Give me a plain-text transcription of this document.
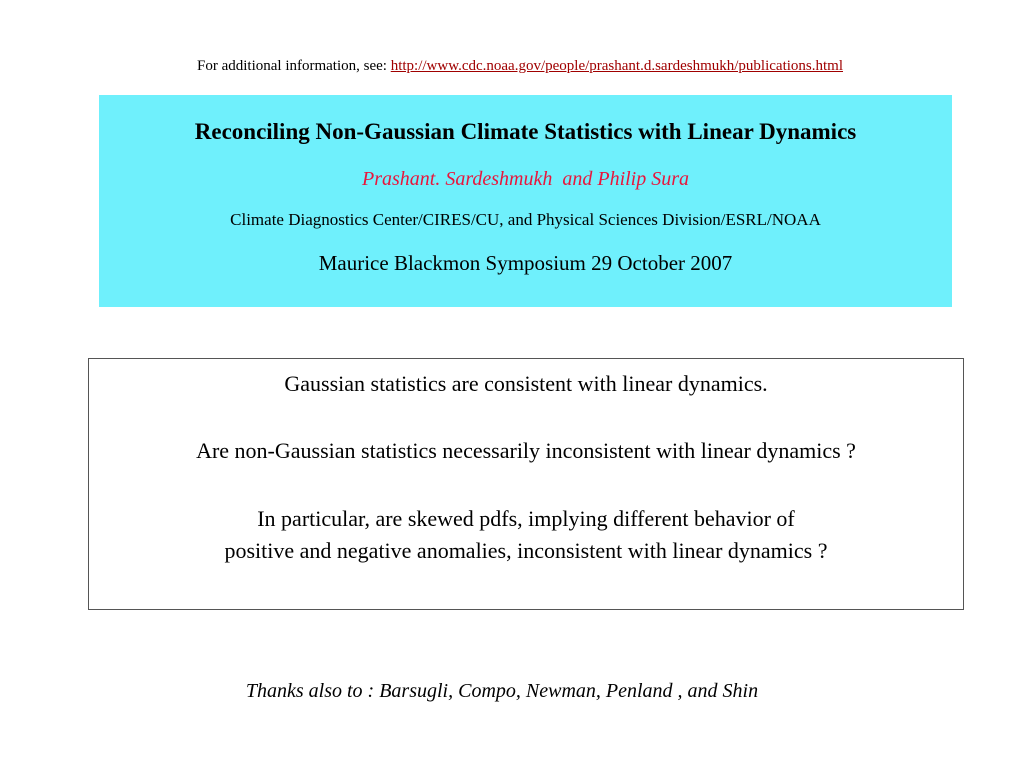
For additional information, see: http://www.cdc.noaa.gov/people/prashant.d.sardeshmukh/publications.html
Reconciling Non-Gaussian Climate Statistics with Linear Dynamics
Prashant. Sardeshmukh  and Philip Sura
Climate Diagnostics Center/CIRES/CU, and Physical Sciences Division/ESRL/NOAA
Maurice Blackmon Symposium 29 October 2007

Gaussian statistics are consistent with linear dynamics.

Are non-Gaussian statistics necessarily inconsistent with linear dynamics ?

In particular, are skewed pdfs, implying different behavior of

positive and negative anomalies, inconsistent with linear dynamics ?

Thanks also to : Barsugli, Compo, Newman, Penland , and Shin
